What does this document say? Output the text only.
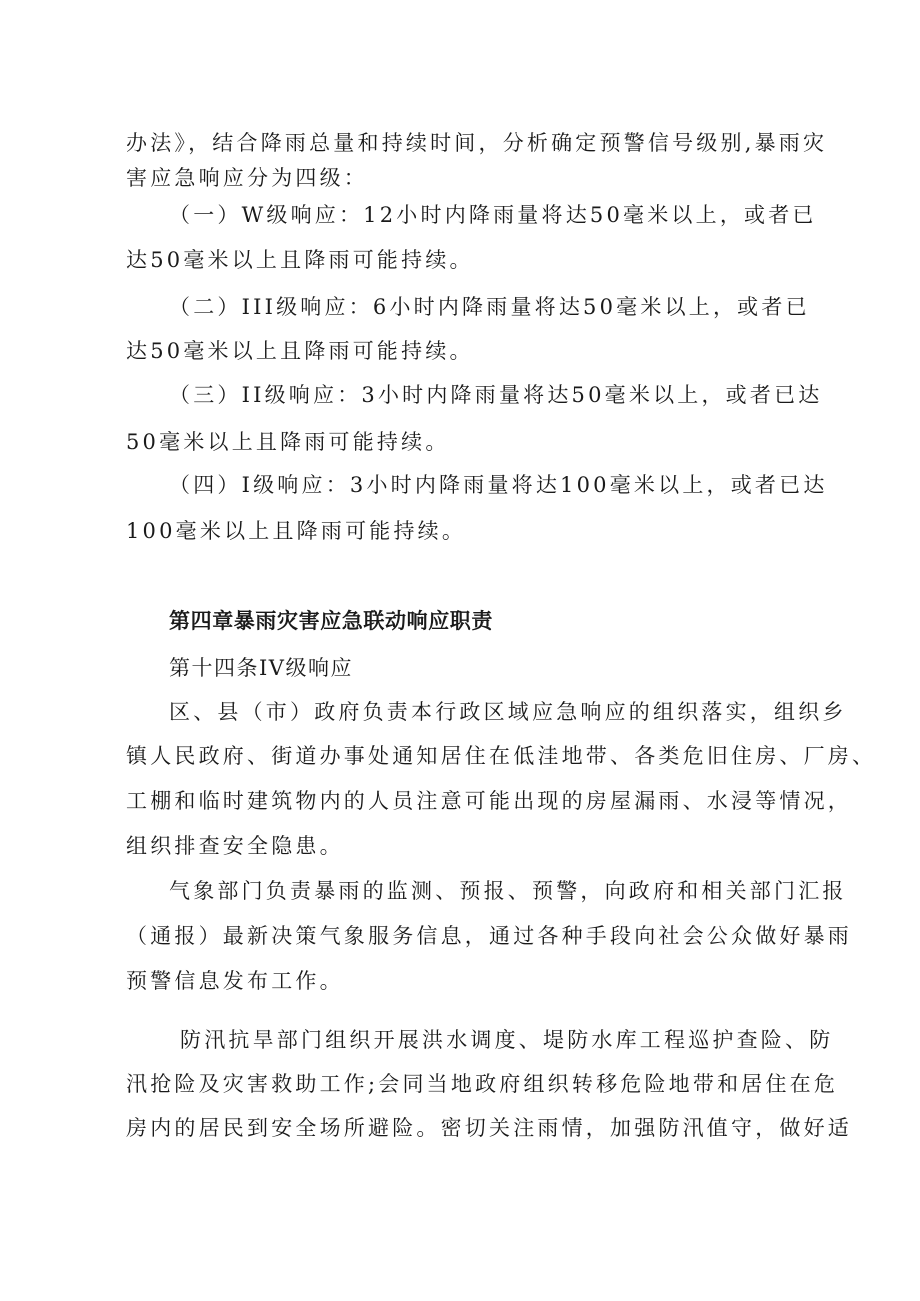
办法》，结合降雨总量和持续时间，分析确定预警信号级别,暴雨灾
害应急响应分为四级：
（一）W级响应：12小时内降雨量将达50毫米以上，或者已
达50毫米以上且降雨可能持续。
（二）III级响应：6小时内降雨量将达50毫米以上，或者已
达50毫米以上且降雨可能持续。
（三）II级响应：3小时内降雨量将达50毫米以上，或者已达
50毫米以上且降雨可能持续。
（四）I级响应：3小时内降雨量将达100毫米以上，或者已达
100毫米以上且降雨可能持续。
第四章暴雨灾害应急联动响应职责
第十四条IV级响应
区、县（市）政府负责本行政区域应急响应的组织落实，组织乡
镇人民政府、街道办事处通知居住在低洼地带、各类危旧住房、厂房、
工棚和临时建筑物内的人员注意可能出现的房屋漏雨、水浸等情况，
组织排查安全隐患。
气象部门负责暴雨的监测、预报、预警，向政府和相关部门汇报
（通报）最新决策气象服务信息，通过各种手段向社会公众做好暴雨
预警信息发布工作。
防汛抗旱部门组织开展洪水调度、堤防水库工程巡护查险、防
汛抢险及灾害救助工作;会同当地政府组织转移危险地带和居住在危
房内的居民到安全场所避险。密切关注雨情，加强防汛值守，做好适
